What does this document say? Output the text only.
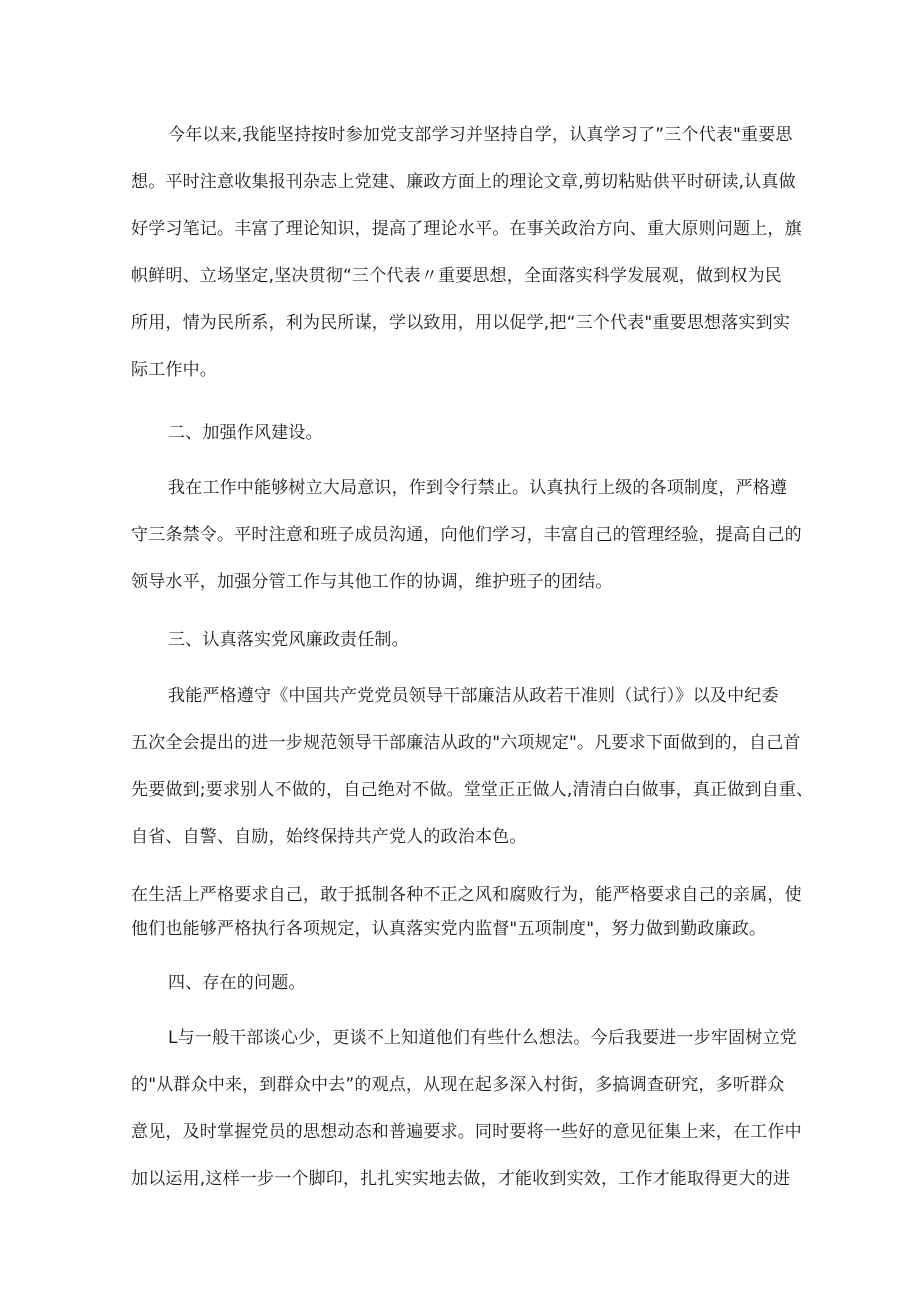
今年以来,我能坚持按时参加党支部学习并坚持自学，认真学习了”三个代表"重要思
想。平时注意收集报刊杂志上党建、廉政方面上的理论文章,剪切粘贴供平时研读,认真做
好学习笔记。丰富了理论知识，提高了理论水平。在事关政治方向、重大原则问题上，旗
帜鲜明、立场坚定,坚决贯彻“三个代表〃重要思想，全面落实科学发展观，做到权为民
所用，情为民所系，利为民所谋，学以致用，用以促学,把“三个代表"重要思想落实到实
际工作中。
二、加强作风建设。
我在工作中能够树立大局意识，作到令行禁止。认真执行上级的各项制度，严格遵
守三条禁令。平时注意和班子成员沟通，向他们学习，丰富自己的管理经验，提高自己的
领导水平，加强分管工作与其他工作的协调，维护班子的团结。
三、认真落实党风廉政责任制。
我能严格遵守《中国共产党党员领导干部廉洁从政若干准则（试行）》以及中纪委
五次全会提出的进一步规范领导干部廉洁从政的"六项规定"。凡要求下面做到的，自己首
先要做到;要求别人不做的，自己绝对不做。堂堂正正做人,清清白白做事，真正做到自重、
自省、自警、自励，始终保持共产党人的政治本色。
在生活上严格要求自己，敢于抵制各种不正之风和腐败行为，能严格要求自己的亲属，使
他们也能够严格执行各项规定，认真落实党内监督"五项制度"，努力做到勤政廉政。
四、存在的问题。
L与一般干部谈心少，更谈不上知道他们有些什么想法。今后我要进一步牢固树立党
的"从群众中来，到群众中去”的观点，从现在起多深入村街，多搞调查研究，多听群众
意见，及时掌握党员的思想动态和普遍要求。同时要将一些好的意见征集上来，在工作中
加以运用,这样一步一个脚印，扎扎实实地去做，才能收到实效，工作才能取得更大的进
